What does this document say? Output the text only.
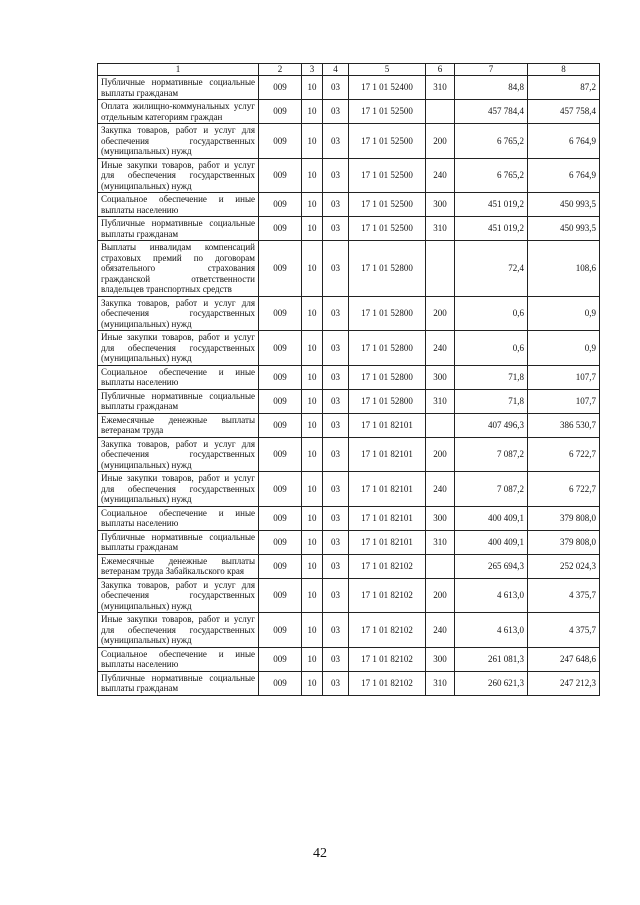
1	2	3	4	5	6	7	8
Публичные нормативные социальные выплаты гражданам	009	10	03	17 1 01 52400	310	84,8	87,2
Оплата жилищно-коммунальных услуг отдельным категориям граждан	009	10	03	17 1 01 52500		457 784,4	457 758,4
Закупка товаров, работ и услуг для обеспечения государственных (муниципальных) нужд	009	10	03	17 1 01 52500	200	6 765,2	6 764,9
Иные закупки товаров, работ и услуг для обеспечения государственных (муниципальных) нужд	009	10	03	17 1 01 52500	240	6 765,2	6 764,9
Социальное обеспечение и иные выплаты населению	009	10	03	17 1 01 52500	300	451 019,2	450 993,5
Публичные нормативные социальные выплаты гражданам	009	10	03	17 1 01 52500	310	451 019,2	450 993,5
Выплаты инвалидам компенсаций страховых премий по договорам обязательного страхования гражданской ответственности владельцев транспортных средств	009	10	03	17 1 01 52800		72,4	108,6
Закупка товаров, работ и услуг для обеспечения государственных (муниципальных) нужд	009	10	03	17 1 01 52800	200	0,6	0,9
Иные закупки товаров, работ и услуг для обеспечения государственных (муниципальных) нужд	009	10	03	17 1 01 52800	240	0,6	0,9
Социальное обеспечение и иные выплаты населению	009	10	03	17 1 01 52800	300	71,8	107,7
Публичные нормативные социальные выплаты гражданам	009	10	03	17 1 01 52800	310	71,8	107,7
Ежемесячные денежные выплаты ветеранам труда	009	10	03	17 1 01 82101		407 496,3	386 530,7
Закупка товаров, работ и услуг для обеспечения государственных (муниципальных) нужд	009	10	03	17 1 01 82101	200	7 087,2	6 722,7
Иные закупки товаров, работ и услуг для обеспечения государственных (муниципальных) нужд	009	10	03	17 1 01 82101	240	7 087,2	6 722,7
Социальное обеспечение и иные выплаты населению	009	10	03	17 1 01 82101	300	400 409,1	379 808,0
Публичные нормативные социальные выплаты гражданам	009	10	03	17 1 01 82101	310	400 409,1	379 808,0
Ежемесячные денежные выплаты ветеранам труда Забайкальского края	009	10	03	17 1 01 82102		265 694,3	252 024,3
Закупка товаров, работ и услуг для обеспечения государственных (муниципальных) нужд	009	10	03	17 1 01 82102	200	4 613,0	4 375,7
Иные закупки товаров, работ и услуг для обеспечения государственных (муниципальных) нужд	009	10	03	17 1 01 82102	240	4 613,0	4 375,7
Социальное обеспечение и иные выплаты населению	009	10	03	17 1 01 82102	300	261 081,3	247 648,6
Публичные нормативные социальные выплаты гражданам	009	10	03	17 1 01 82102	310	260 621,3	247 212,3
42
